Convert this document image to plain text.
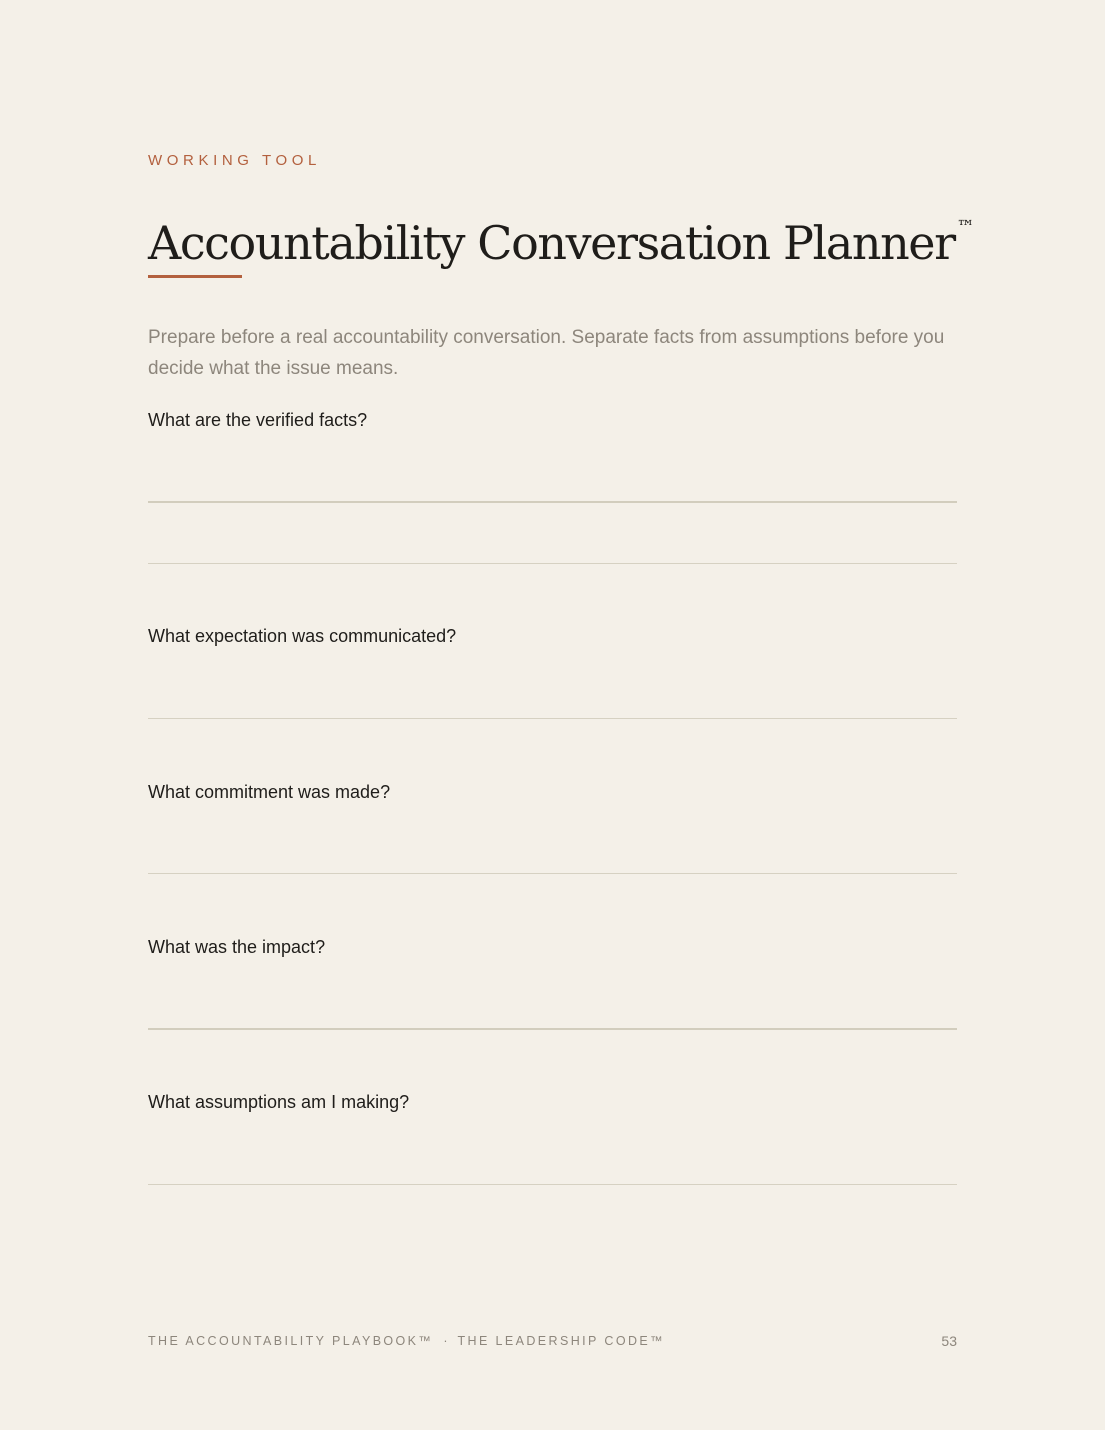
WORKING TOOL
Accountability Conversation Planner ™

Prepare before a real accountability conversation. Separate facts from assumptions before you decide what the issue means.

What are the verified facts?
What expectation was communicated?
What commitment was made?
What was the impact?
What assumptions am I making?
THE ACCOUNTABILITY PLAYBOOK™ · THE LEADERSHIP CODE™	53
